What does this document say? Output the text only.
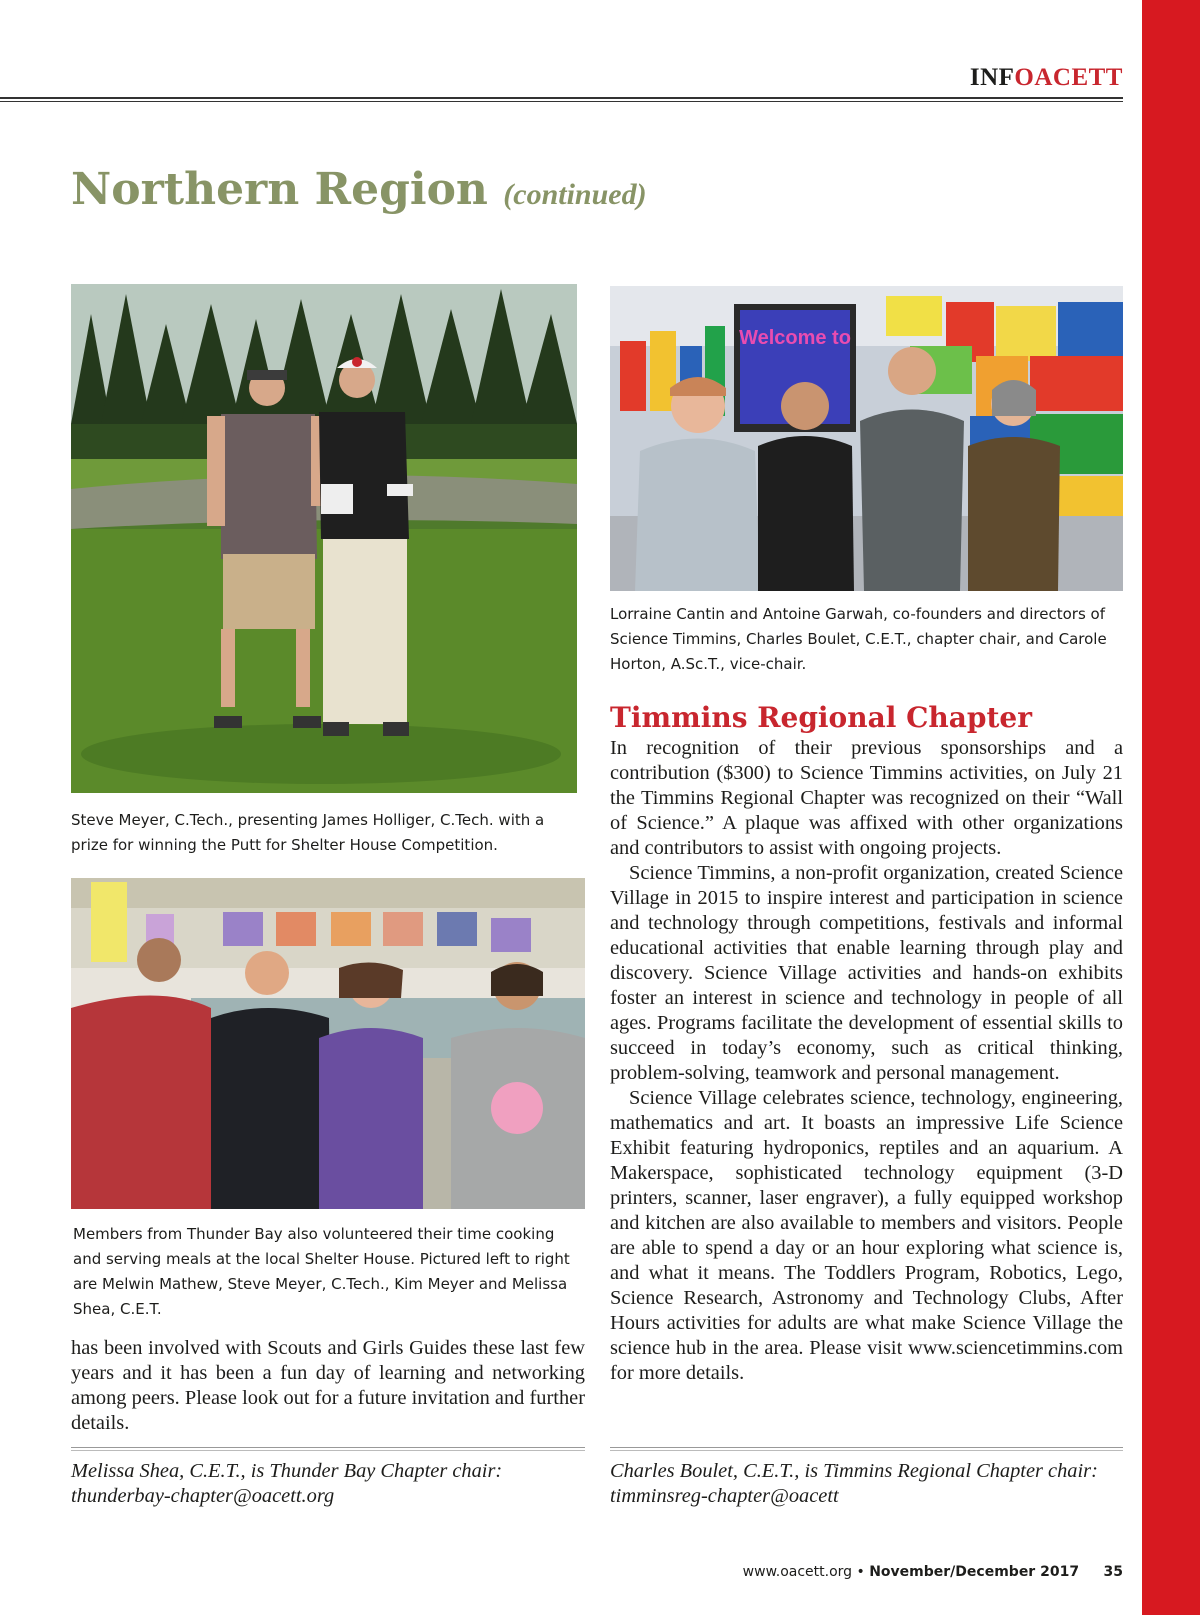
INFOACETT
Northern Region (continued)
Steve Meyer, C.Tech., presenting James Holliger, C.Tech. with a prize for winning the Putt for Shelter House Competition.
Welcome to
Lorraine Cantin and Antoine Garwah, co-founders and directors of Science Timmins, Charles Boulet, C.E.T., chapter chair, and Carole Horton, A.Sc.T., vice-chair.
Members from Thunder Bay also volunteered their time cooking and serving meals at the local Shelter House. Pictured left to right are Melwin Mathew, Steve Meyer, C.Tech., Kim Meyer and Melissa Shea, C.E.T.

has been involved with Scouts and Girls Guides these last few years and it has been a fun day of learning and networking among peers. Please look out for a future invitation and further details.

Melissa Shea, C.E.T., is Thunder Bay Chapter chair:
thunderbay-chapter@oacett.org
Timmins Regional Chapter

In recognition of their previous sponsorships and a contribution ($300) to Science Timmins activities, on July 21 the Timmins Regional Chapter was recognized on their “Wall of Science.” A plaque was affixed with other organizations and contributors to assist with ongoing projects.

Science Timmins, a non-profit organization, created Science Village in 2015 to inspire interest and participation in science and technology through competitions, festivals and informal educational activities that enable learning through play and discovery. Science Village activities and hands-on exhibits foster an interest in science and technology in people of all ages. Programs facilitate the development of essential skills to succeed in today’s economy, such as critical thinking, problem-solving, teamwork and personal management.

Science Village celebrates science, technology, engineering, mathematics and art. It boasts an impressive Life Science Exhibit featuring hydroponics, reptiles and an aquarium. A Makerspace, sophisticated technology equipment (3-D printers, scanner, laser engraver), a fully equipped workshop and kitchen are also available to members and visitors. People are able to spend a day or an hour exploring what science is, and what it means. The Toddlers Program, Robotics, Lego, Science Research, Astronomy and Technology Clubs, After Hours activities for adults are what make Science Village the science hub in the area. Please visit www.sciencetimmins.com for more details.

Charles Boulet, C.E.T., is Timmins Regional Chapter chair:
timminsreg-chapter@oacett
www.oacett.org • November/December 2017 35
